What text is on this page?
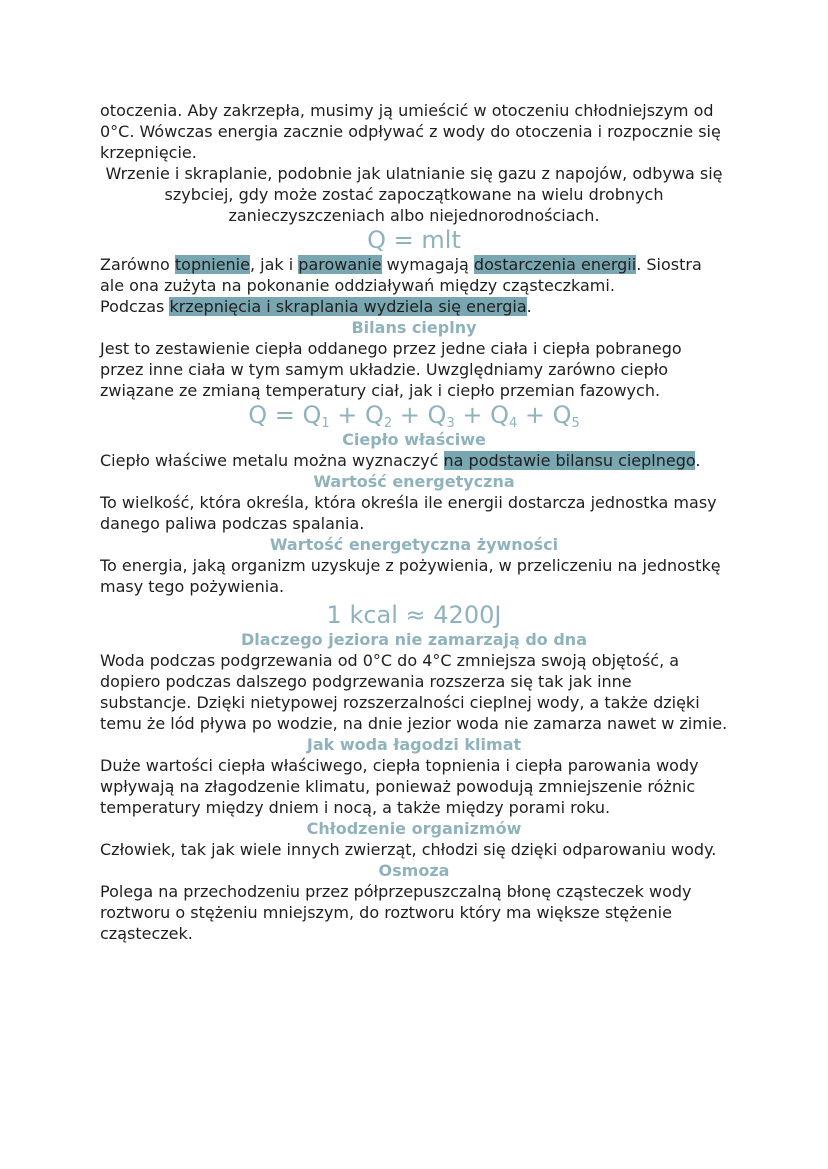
otoczenia. Aby zakrzepła, musimy ją umieścić w otoczeniu chłodniejszym od 0°C. Wówczas energia zacznie odpływać z wody do otoczenia i rozpocznie się krzepnięcie.

Wrzenie i skraplanie, podobnie jak ulatnianie się gazu z napojów, odbywa się szybciej, gdy może zostać zapoczątkowane na wielu drobnych zanieczyszczeniach albo niejednorodnościach.

Q = mlt

Zarówno topnienie, jak i parowanie wymagają dostarczenia energii. Siostra ale ona zużyta na pokonanie oddziaływań między cząsteczkami.

Podczas krzepnięcia i skraplania wydziela się energia.

Bilans cieplny

Jest to zestawienie ciepła oddanego przez jedne ciała i ciepła pobranego przez inne ciała w tym samym układzie. Uwzględniamy zarówno ciepło związane ze zmianą temperatury ciał, jak i ciepło przemian fazowych.

$Q = Q_1 + Q_2 + Q_3 + Q_4 + Q_5$

Ciepło właściwe

Ciepło właściwe metalu można wyznaczyć na podstawie bilansu cieplnego.

Wartość energetyczna

To wielkość, która określa, która określa ile energii dostarcza jednostka masy danego paliwa podczas spalania.

Wartość energetyczna żywności

To energia, jaką organizm uzyskuje z pożywienia, w przeliczeniu na jednostkę masy tego pożywienia.

1 kcal ≈ 4200J

Dlaczego jeziora nie zamarzają do dna

Woda podczas podgrzewania od 0°C do 4°C zmniejsza swoją objętość, a dopiero podczas dalszego podgrzewania rozszerza się tak jak inne substancje. Dzięki nietypowej rozszerzalności cieplnej wody, a także dzięki temu że lód pływa po wodzie, na dnie jezior woda nie zamarza nawet w zimie.

Jak woda łagodzi klimat

Duże wartości ciepła właściwego, ciepła topnienia i ciepła parowania wody wpływają na złagodzenie klimatu, ponieważ powodują zmniejszenie różnic temperatury między dniem i nocą, a także między porami roku.

Chłodzenie organizmów

Człowiek, tak jak wiele innych zwierząt, chłodzi się dzięki odparowaniu wody.

Osmoza

Polega na przechodzeniu przez półprzepuszczalną błonę cząsteczek wody roztworu o stężeniu mniejszym, do roztworu który ma większe stężenie cząsteczek.
